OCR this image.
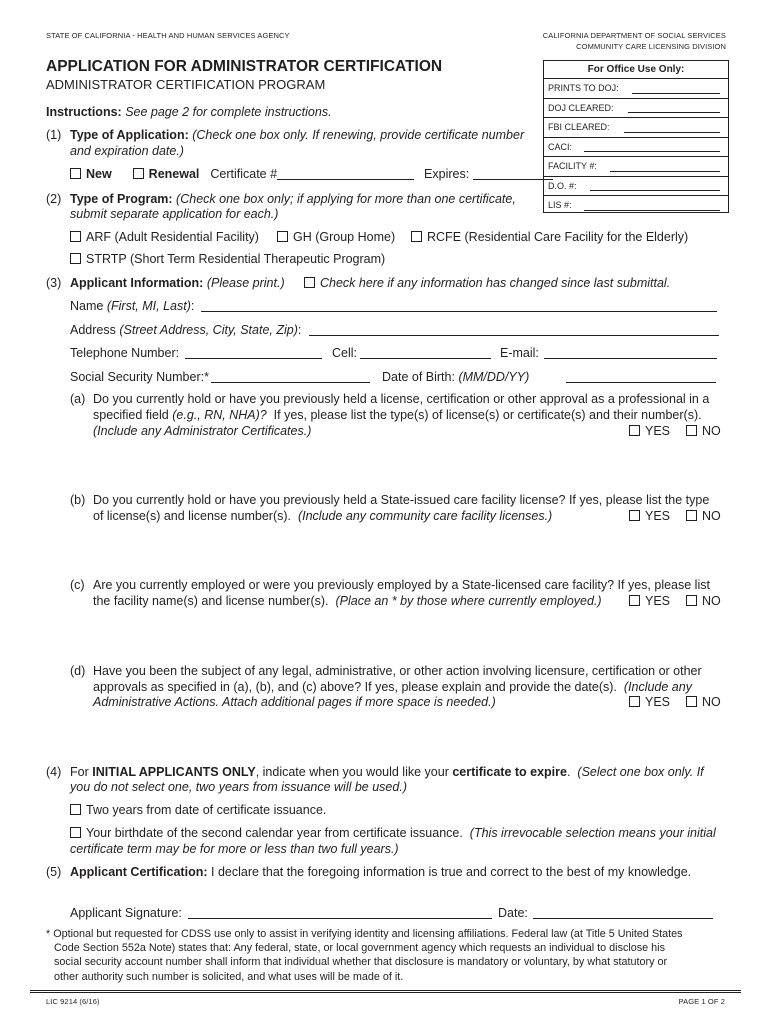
STATE OF CALIFORNIA - HEALTH AND HUMAN SERVICES AGENCY	CALIFORNIA DEPARTMENT OF SOCIAL SERVICES
COMMUNITY CARE LICENSING DIVISION
APPLICATION FOR ADMINISTRATOR CERTIFICATION
ADMINISTRATOR CERTIFICATION PROGRAM
For Office Use Only:
PRINTS TO DOJ:
DOJ CLEARED:
FBI CLEARED:
CACI:
FACILITY #:
D.O. #:
LIS #:
Instructions: See page 2 for complete instructions.
(1) Type of Application: (Check one box only. If renewing, provide certificate number
and expiration date.)
New	Renewal Certificate #	Expires:
(2) Type of Program: (Check one box only; if applying for more than one certificate,
submit separate application for each.)
ARF (Adult Residential Facility)	GH (Group Home)	RCFE (Residential Care Facility for the Elderly)
STRTP (Short Term Residential Therapeutic Program)
(3) Applicant Information: (Please print.)	Check here if any information has changed since last submittal.
Name (First, MI, Last):
Address (Street Address, City, State, Zip):
Telephone Number:	Cell:	E-mail:
Social Security Number:*	Date of Birth: (MM/DD/YY)
(a) Do you currently hold or have you previously held a license, certification or other approval as a professional in a
specified field (e.g., RN, NHA)? If yes, please list the type(s) of license(s) or certificate(s) and their number(s).
(Include any Administrator Certificates.)	YES	NO
(b) Do you currently hold or have you previously held a State-issued care facility license? If yes, please list the type
of license(s) and license number(s). (Include any community care facility licenses.)	YES	NO
(c) Are you currently employed or were you previously employed by a State-licensed care facility? If yes, please list
the facility name(s) and license number(s). (Place an * by those where currently employed.)	YES	NO
(d) Have you been the subject of any legal, administrative, or other action involving licensure, certification or other
approvals as specified in (a), (b), and (c) above? If yes, please explain and provide the date(s). (Include any
Administrative Actions. Attach additional pages if more space is needed.)	YES	NO
(4) For INITIAL APPLICANTS ONLY, indicate when you would like your certificate to expire. (Select one box only. If
you do not select one, two years from issuance will be used.)
Two years from date of certificate issuance.
Your birthdate of the second calendar year from certificate issuance. (This irrevocable selection means your initial
certificate term may be for more or less than two full years.)
(5) Applicant Certification: I declare that the foregoing information is true and correct to the best of my knowledge.
Applicant Signature:	Date:
* Optional but requested for CDSS use only to assist in verifying identity and licensing affiliations. Federal law (at Title 5 United States
Code Section 552a Note) states that: Any federal, state, or local government agency which requests an individual to disclose his
social security account number shall inform that individual whether that disclosure is mandatory or voluntary, by what statutory or
other authority such number is solicited, and what uses will be made of it.
LIC 9214 (6/16)	PAGE 1 OF 2
